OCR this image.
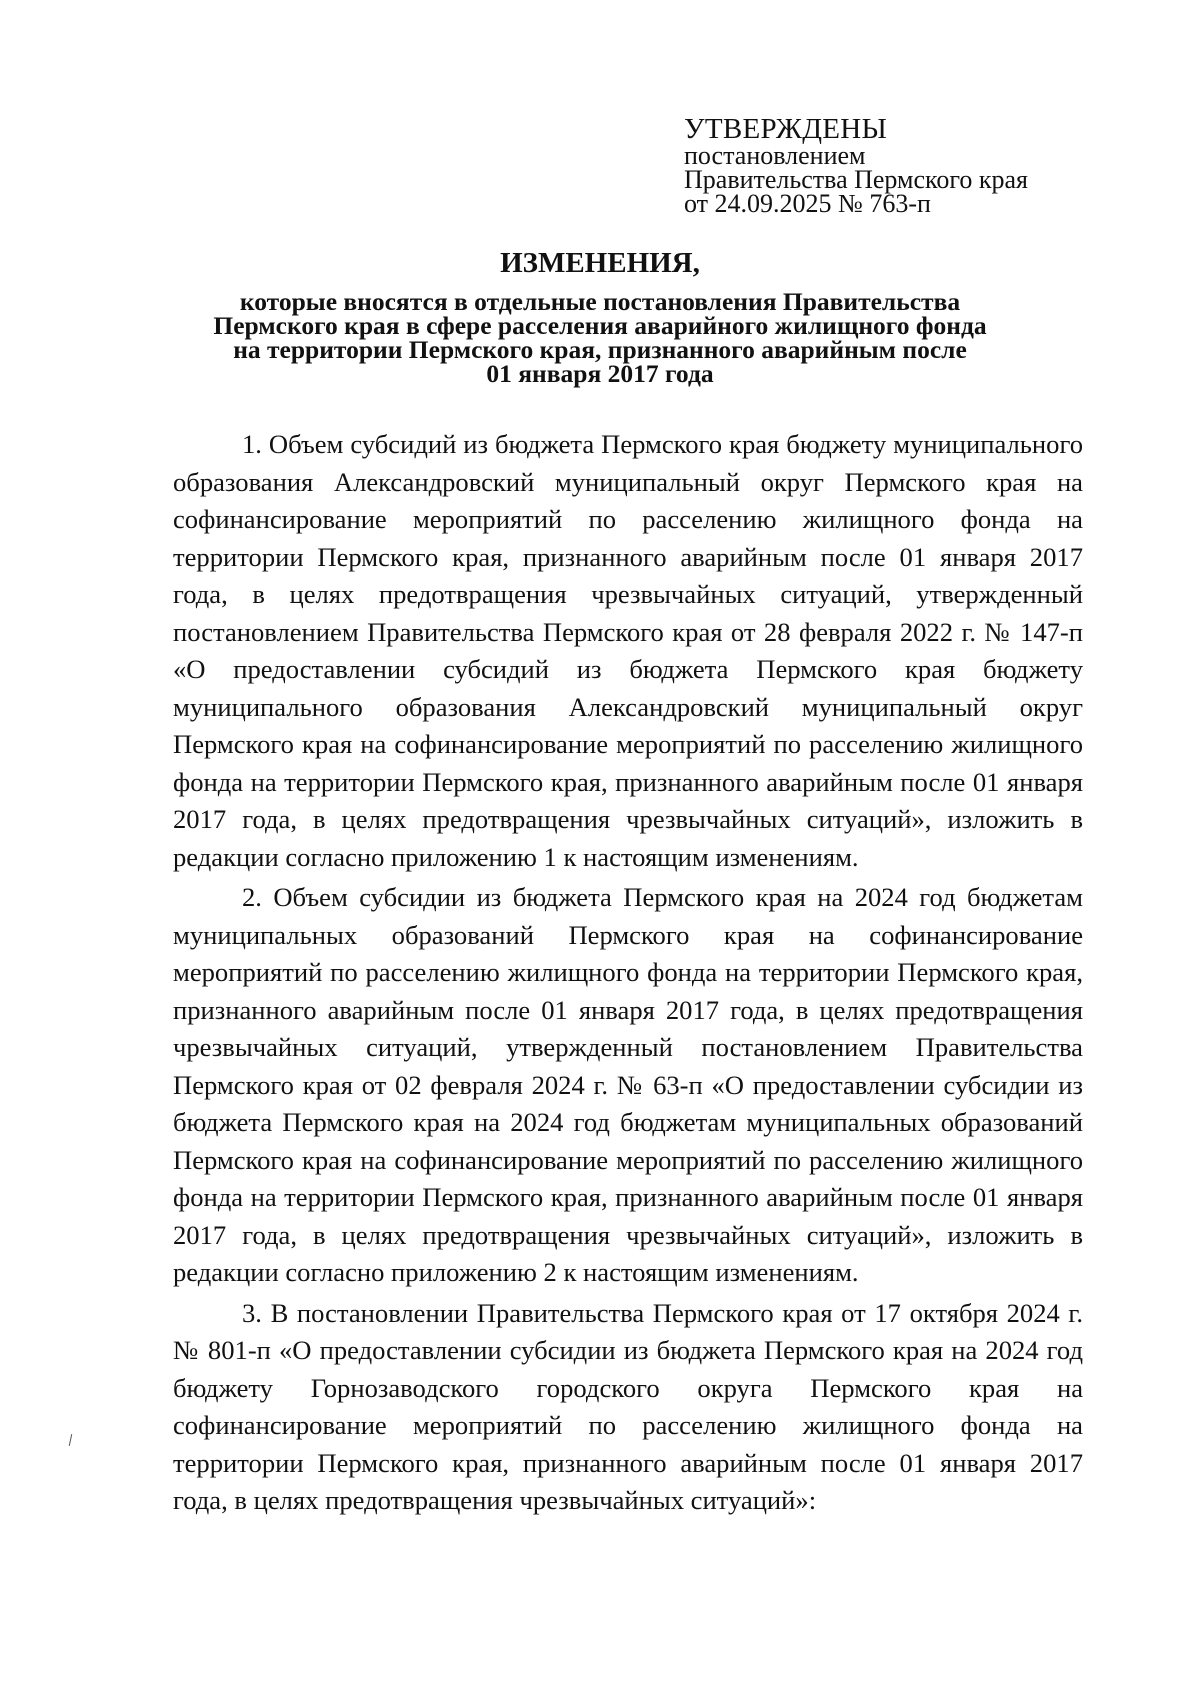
УТВЕРЖДЕНЫ
постановлением
Правительства Пермского края
от 24.09.2025 № 763-п
ИЗМЕНЕНИЯ,
которые вносятся в отдельные постановления Правительства
Пермского края в сфере расселения аварийного жилищного фонда
на территории Пермского края, признанного аварийным после
01 января 2017 года

1. Объем субсидий из бюджета Пермского края бюджету муниципального образования Александровский муниципальный округ Пермского края на софинансирование мероприятий по расселению жилищного фонда на территории Пермского края, признанного аварийным после 01 января 2017 года, в целях предотвращения чрезвычайных ситуаций, утвержденный постановлением Правительства Пермского края от 28 февраля 2022 г. № 147-п «О предоставлении субсидий из бюджета Пермского края бюджету муниципального образования Александровский муниципальный округ Пермского края на софинансирование мероприятий по расселению жилищного фонда на территории Пермского края, признанного аварийным после 01 января 2017 года, в целях предотвращения чрезвычайных ситуаций», изложить в редакции согласно приложению 1 к настоящим изменениям.

2. Объем субсидии из бюджета Пермского края на 2024 год бюджетам муниципальных образований Пермского края на софинансирование мероприятий по расселению жилищного фонда на территории Пермского края, признанного аварийным после 01 января 2017 года, в целях предотвращения чрезвычайных ситуаций, утвержденный постановлением Правительства Пермского края от 02 февраля 2024 г. № 63-п «О предоставлении субсидии из бюджета Пермского края на 2024 год бюджетам муниципальных образований Пермского края на софинансирование мероприятий по расселению жилищного фонда на территории Пермского края, признанного аварийным после 01 января 2017 года, в целях предотвращения чрезвычайных ситуаций», изложить в редакции согласно приложению 2 к настоящим изменениям.

3. В постановлении Правительства Пермского края от 17 октября 2024 г. № 801-п «О предоставлении субсидии из бюджета Пермского края на 2024 год бюджету Горнозаводского городского округа Пермского края на софинансирование мероприятий по расселению жилищного фонда на территории Пермского края, признанного аварийным после 01 января 2017 года, в целях предотвращения чрезвычайных ситуаций»:
